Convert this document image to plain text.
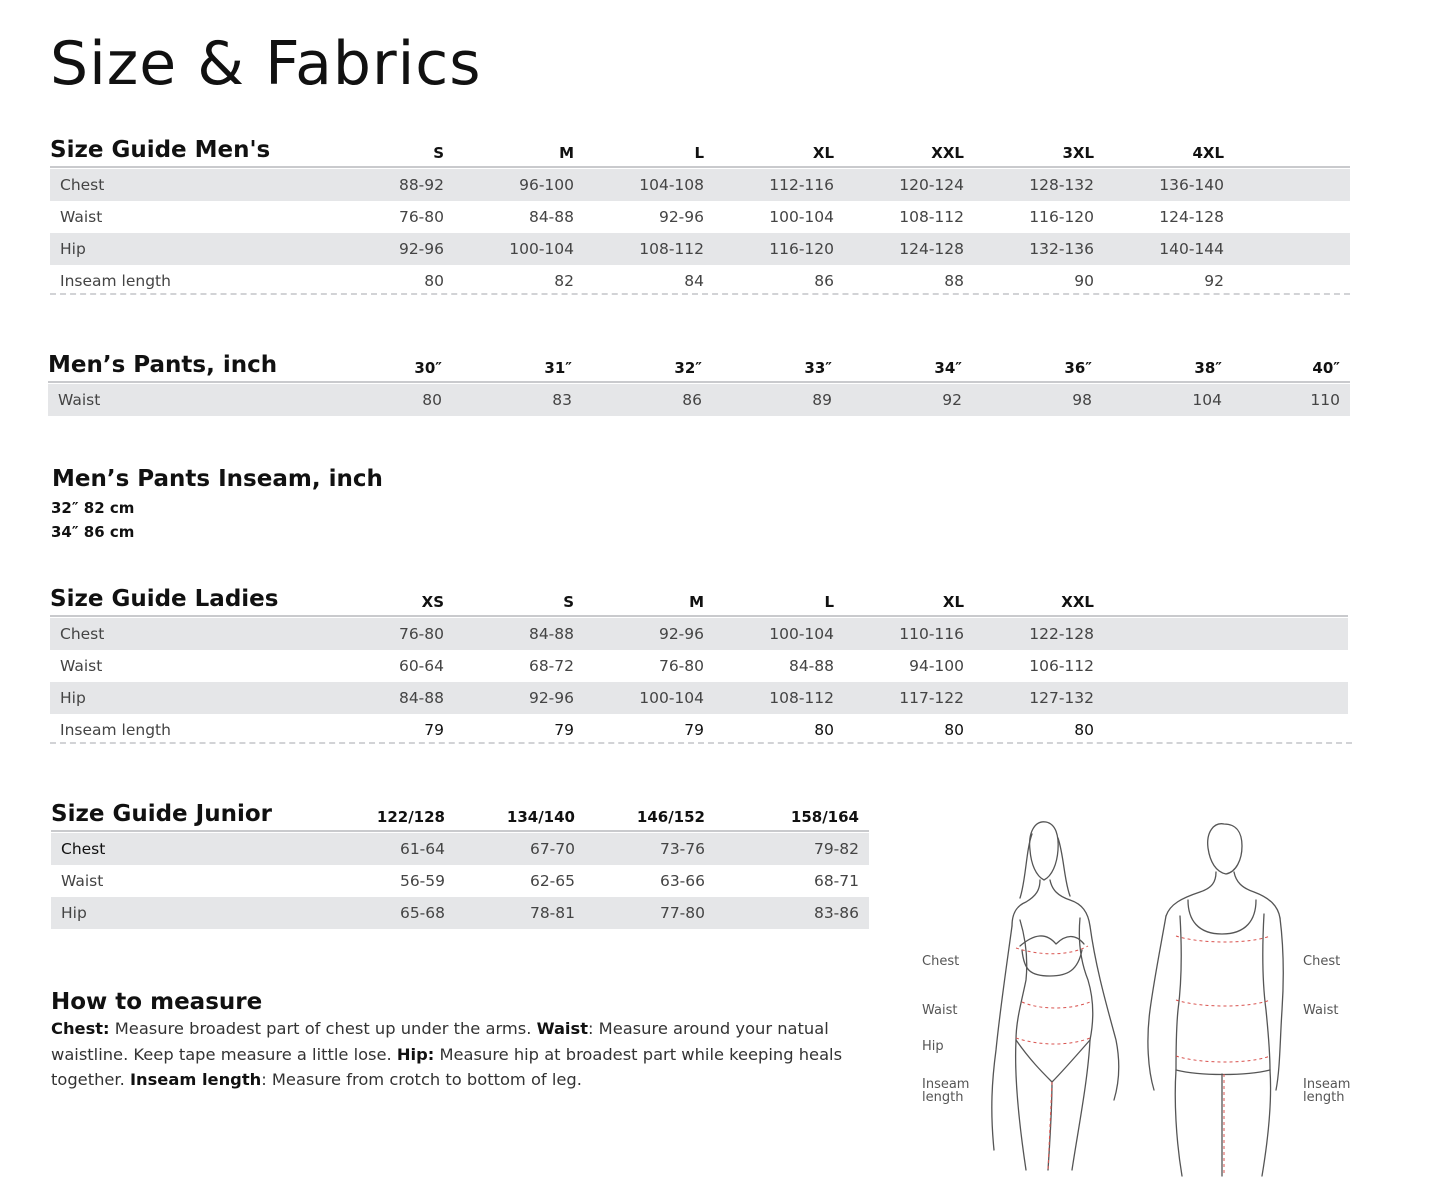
Size & Fabrics
Size Guide Men's	S	M	L	XL	XXL	3XL	4XL
Chest	88-92	96-100	104-108	112-116	120-124	128-132	136-140
Waist	76-80	84-88	92-96	100-104	108-112	116-120	124-128
Hip	92-96	100-104	108-112	116-120	124-128	132-136	140-144
Inseam length	80	82	84	86	88	90	92
Men’s Pants, inch	30″	31″	32″	33″	34″	36″	38″	40″
Waist	80	83	86	89	92	98	104	110
Men’s Pants Inseam, inch
32″ 82 cm
34″ 86 cm
Size Guide Ladies	XS	S	M	L	XL	XXL
Chest	76-80	84-88	92-96	100-104	110-116	122-128
Waist	60-64	68-72	76-80	84-88	94-100	106-112
Hip	84-88	92-96	100-104	108-112	117-122	127-132
Inseam length	79	79	79	80	80	80
Size Guide Junior	122/128	134/140	146/152	158/164
Chest	61-64	67-70	73-76	79-82
Waist	56-59	62-65	63-66	68-71
Hip	65-68	78-81	77-80	83-86
How to measure
Chest: Measure broadest part of chest up under the arms. Waist: Measure around your natual waistline. Keep tape measure a little lose. Hip: Measure hip at broadest part while keeping heals together. Inseam length: Measure from crotch to bottom of leg.
Chest
Waist
Hip
Inseam
length
Chest
Waist
Inseam
length
